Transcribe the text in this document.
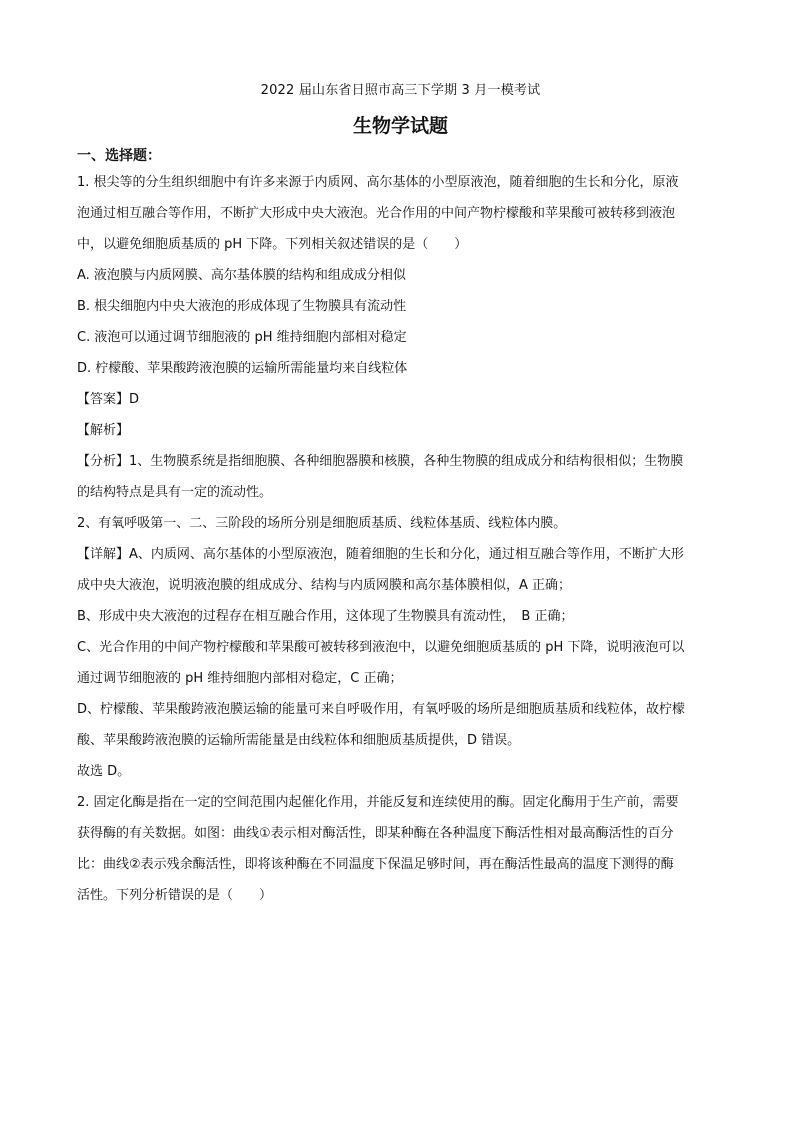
2022 届山东省日照市高三下学期 3 月一模考试

生物学试题

一、选择题：

1. 根尖等的分生组织细胞中有许多来源于内质网、高尔基体的小型原液泡，随着细胞的生长和分化，原液

泡通过相互融合等作用，不断扩大形成中央大液泡。光合作用的中间产物柠檬酸和苹果酸可被转移到液泡

中，以避免细胞质基质的 pH 下降。下列相关叙述错误的是（　　）

A. 液泡膜与内质网膜、高尔基体膜的结构和组成成分相似

B. 根尖细胞内中央大液泡的形成体现了生物膜具有流动性

C. 液泡可以通过调节细胞液的 pH 维持细胞内部相对稳定

D. 柠檬酸、苹果酸跨液泡膜的运输所需能量均来自线粒体

【答案】D

【解析】

【分析】1、生物膜系统是指细胞膜、各种细胞器膜和核膜，各种生物膜的组成成分和结构很相似；生物膜

的结构特点是具有一定的流动性。

2、有氧呼吸第一、二、三阶段的场所分别是细胞质基质、线粒体基质、线粒体内膜。

【详解】A、内质网、高尔基体的小型原液泡，随着细胞的生长和分化，通过相互融合等作用，不断扩大形

成中央大液泡，说明液泡膜的组成成分、结构与内质网膜和高尔基体膜相似，A 正确；

B、形成中央大液泡的过程存在相互融合作用，这体现了生物膜具有流动性，　B 正确；

C、光合作用的中间产物柠檬酸和苹果酸可被转移到液泡中，以避免细胞质基质的 pH 下降，说明液泡可以

通过调节细胞液的 pH 维持细胞内部相对稳定，C 正确；

D、柠檬酸、苹果酸跨液泡膜运输的能量可来自呼吸作用，有氧呼吸的场所是细胞质基质和线粒体，故柠檬

酸、苹果酸跨液泡膜的运输所需能量是由线粒体和细胞质基质提供，D 错误。

故选 D。

2. 固定化酶是指在一定的空间范围内起催化作用，并能反复和连续使用的酶。固定化酶用于生产前，需要

获得酶的有关数据。如图：曲线①表示相对酶活性，即某种酶在各种温度下酶活性相对最高酶活性的百分

比：曲线②表示残余酶活性，即将该种酶在不同温度下保温足够时间，再在酶活性最高的温度下测得的酶

活性。下列分析错误的是（　　）
